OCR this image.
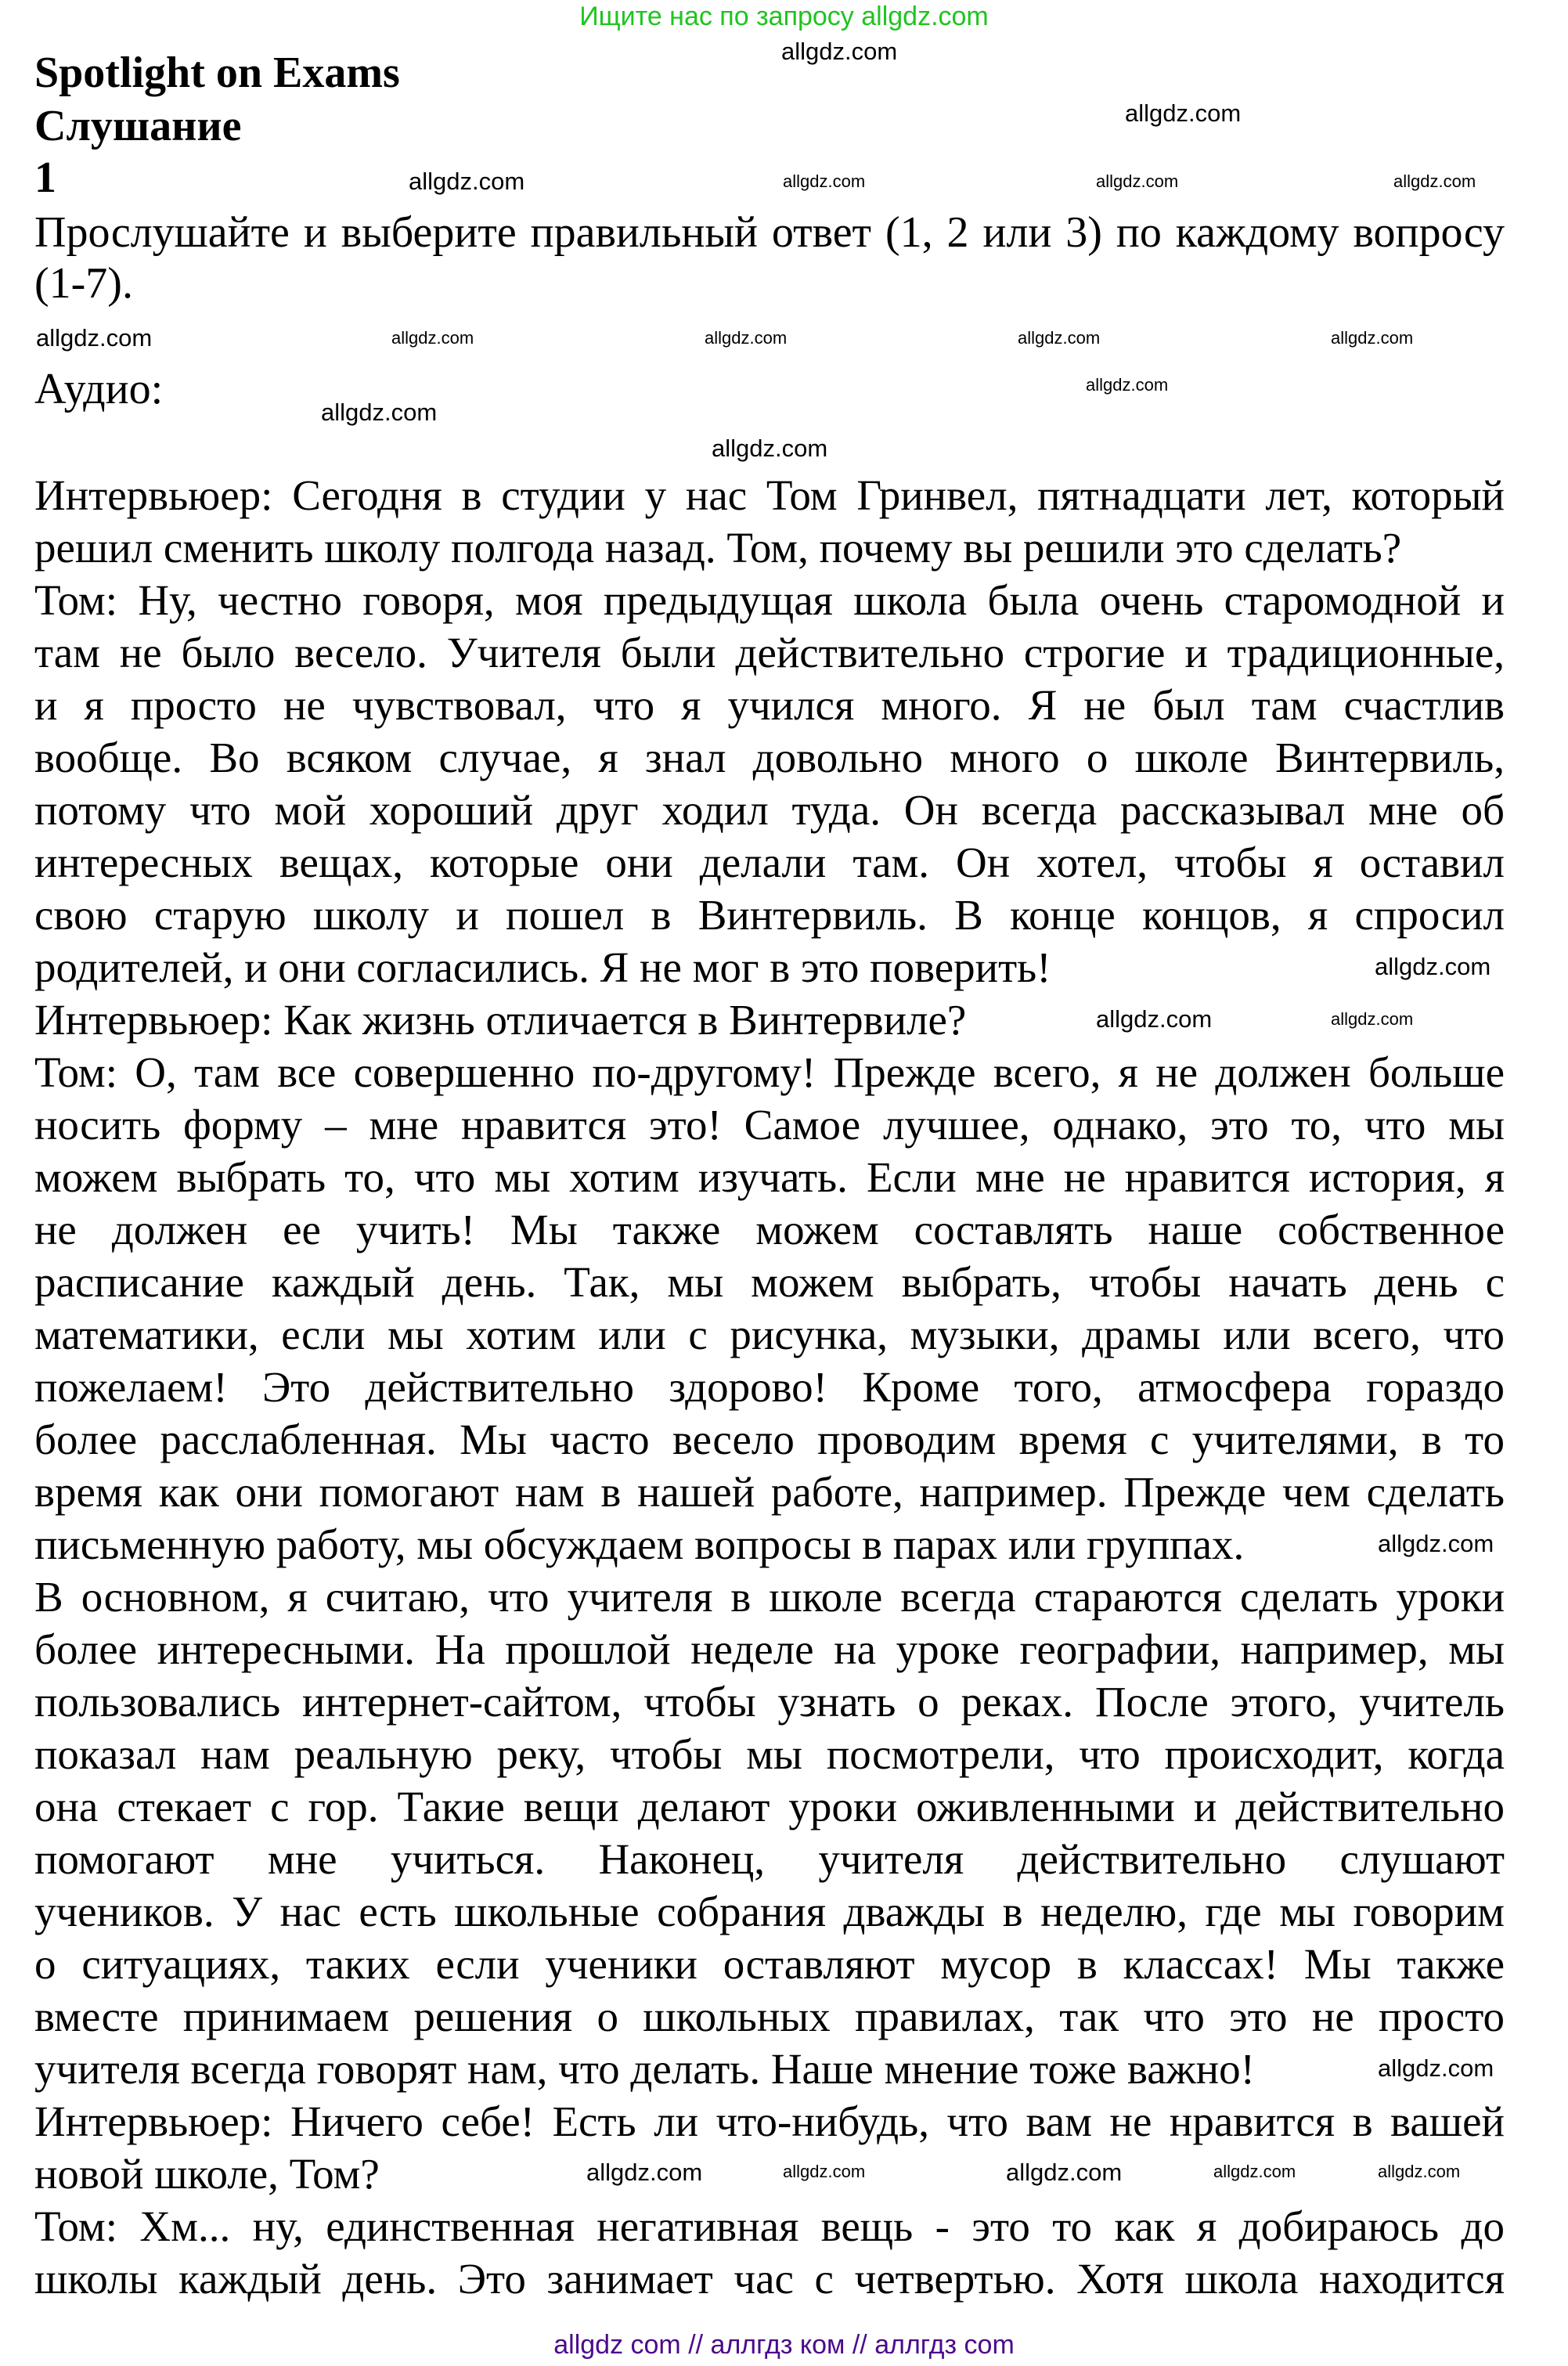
Ищите нас по запросу allgdz.com
Spotlight on Exams
Слушание
1
Прослушайте и выберите правильный ответ (1, 2 или 3) по каждому вопросу
(1-7).
Аудио:
Интервьюер: Сегодня в студии у нас Том Гринвел, пятнадцати лет, который
решил сменить школу полгода назад. Том, почему вы решили это сделать?
Том: Ну, честно говоря, моя предыдущая школа была очень старомодной и
там не было весело. Учителя были действительно строгие и традиционные,
и я просто не чувствовал, что я учился много. Я не был там счастлив
вообще. Во всяком случае, я знал довольно много о школе Винтервиль,
потому что мой хороший друг ходил туда. Он всегда рассказывал мне об
интересных вещах, которые они делали там. Он хотел, чтобы я оставил
свою старую школу и пошел в Винтервиль. В конце концов, я спросил
родителей, и они согласились. Я не мог в это поверить!
Интервьюер: Как жизнь отличается в Винтервиле?
Том: О, там все совершенно по-другому! Прежде всего, я не должен больше
носить форму – мне нравится это! Самое лучшее, однако, это то, что мы
можем выбрать то, что мы хотим изучать. Если мне не нравится история, я
не должен ее учить! Мы также можем составлять наше собственное
расписание каждый день. Так, мы можем выбрать, чтобы начать день с
математики, если мы хотим или с рисунка, музыки, драмы или всего, что
пожелаем! Это действительно здорово! Кроме того, атмосфера гораздо
более расслабленная. Мы часто весело проводим время с учителями, в то
время как они помогают нам в нашей работе, например. Прежде чем сделать
письменную работу, мы обсуждаем вопросы в парах или группах.
В основном, я считаю, что учителя в школе всегда стараются сделать уроки
более интересными. На прошлой неделе на уроке географии, например, мы
пользовались интернет-сайтом, чтобы узнать о реках. После этого, учитель
показал нам реальную реку, чтобы мы посмотрели, что происходит, когда
она стекает с гор. Такие вещи делают уроки оживленными и действительно
помогают мне учиться. Наконец, учителя действительно слушают
учеников. У нас есть школьные собрания дважды в неделю, где мы говорим
о ситуациях, таких если ученики оставляют мусор в классах! Мы также
вместе принимаем решения о школьных правилах, так что это не просто
учителя всегда говорят нам, что делать. Наше мнение тоже важно!
Интервьюер: Ничего себе! Есть ли что-нибудь, что вам не нравится в вашей
новой школе, Том?
Том: Хм... ну, единственная негативная вещь - это то как я добираюсь до
школы каждый день. Это занимает час с четвертью. Хотя школа находится
allgdz.com
allgdz.com
allgdz.com	allgdz.com	allgdz.com	allgdz.com
allgdz.com	allgdz.com	allgdz.com	allgdz.com	allgdz.com
allgdz.com
allgdz.com
allgdz.com
allgdz.com
allgdz.com	allgdz.com
allgdz.com
allgdz.com
allgdz.com	allgdz.com	allgdz.com	allgdz.com	allgdz.com
allgdz com // аллгдз ком // аллгдз com
